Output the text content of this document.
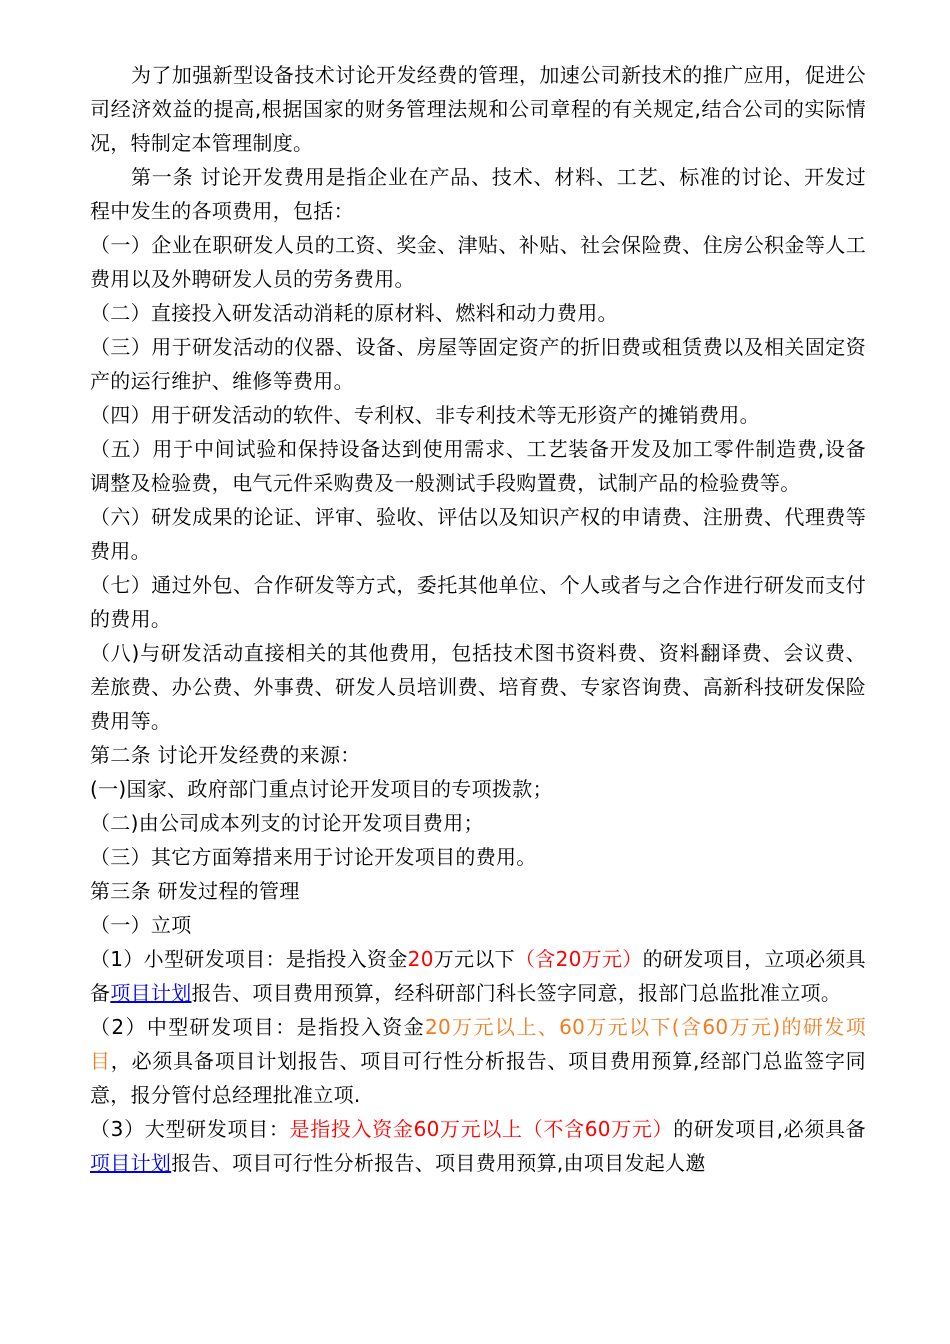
为了加强新型设备技术讨论开发经费的管理，加速公司新技术的推广应用，促进公司经济效益的提高,根据国家的财务管理法规和公司章程的有关规定,结合公司的实际情况，特制定本管理制度。

第一条 讨论开发费用是指企业在产品、技术、材料、工艺、标准的讨论、开发过程中发生的各项费用，包括：

（一）企业在职研发人员的工资、奖金、津贴、补贴、社会保险费、住房公积金等人工费用以及外聘研发人员的劳务费用。

（二）直接投入研发活动消耗的原材料、燃料和动力费用。

（三）用于研发活动的仪器、设备、房屋等固定资产的折旧费或租赁费以及相关固定资产的运行维护、维修等费用。

（四）用于研发活动的软件、专利权、非专利技术等无形资产的摊销费用。

（五）用于中间试验和保持设备达到使用需求、工艺装备开发及加工零件制造费,设备调整及检验费，电气元件采购费及一般测试手段购置费，试制产品的检验费等。

（六）研发成果的论证、评审、验收、评估以及知识产权的申请费、注册费、代理费等费用。

（七）通过外包、合作研发等方式，委托其他单位、个人或者与之合作进行研发而支付的费用。

（八)与研发活动直接相关的其他费用，包括技术图书资料费、资料翻译费、会议费、差旅费、办公费、外事费、研发人员培训费、培育费、专家咨询费、高新科技研发保险费用等。

第二条 讨论开发经费的来源：

(一)国家、政府部门重点讨论开发项目的专项拨款；

（二)由公司成本列支的讨论开发项目费用；

（三）其它方面筹措来用于讨论开发项目的费用。

第三条 研发过程的管理

（一）立项

（1）小型研发项目：是指投入资金20万元以下（含20万元）的研发项目，立项必须具备项目计划报告、项目费用预算，经科研部门科长签字同意，报部门总监批准立项。

（2）中型研发项目：是指投入资金20万元以上、60万元以下(含60万元)的研发项目，必须具备项目计划报告、项目可行性分析报告、项目费用预算,经部门总监签字同意，报分管付总经理批准立项.

（3）大型研发项目：是指投入资金60万元以上（不含60万元）的研发项目,必须具备项目计划报告、项目可行性分析报告、项目费用预算,由项目发起人邀
